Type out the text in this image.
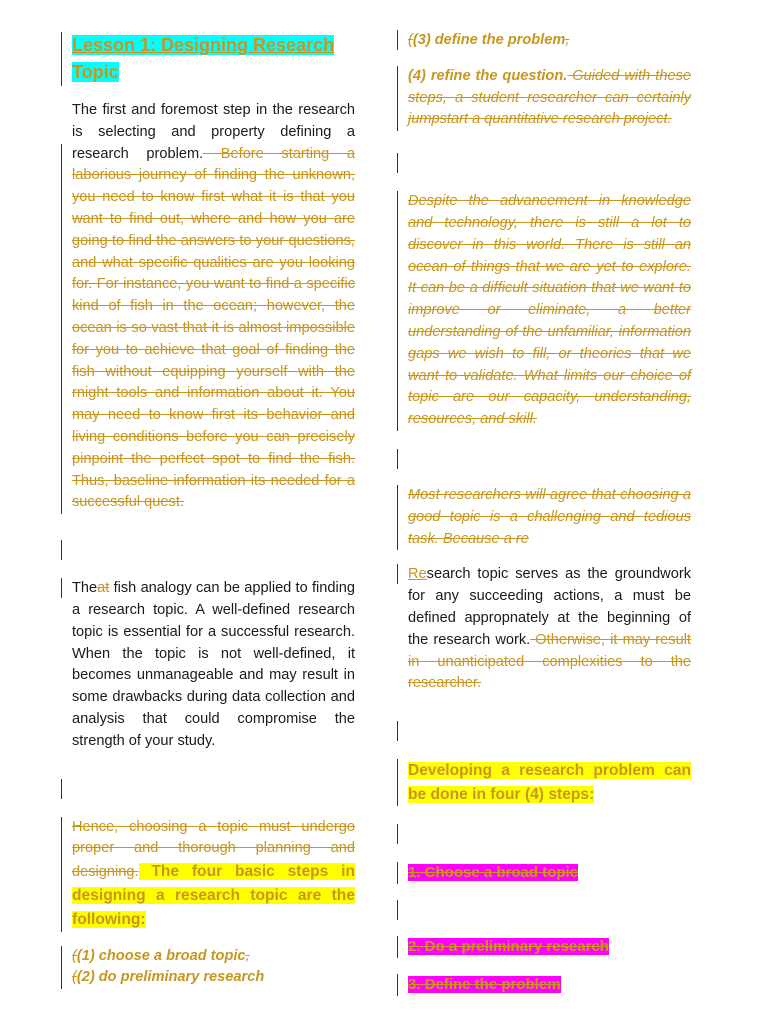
Lesson 1: Designing Research
Topic

The first and foremost step in the research is selecting and property defining a research problem. Before starting a laborious journey of finding the unknown, you need to know first what it is that you want to find out, where and how you are going to find the answers to your questions, and what specific qualities are you looking for. For instance, you want to find a specific kind of fish in the ocean; however, the ocean is so vast that it is almost impossible for you to achieve that goal of finding the fish without equipping yourself with the rnight tools and information about it. You may need to know first its behavior and living conditions before you can precisely pinpoint the perfect spot to find the fish. Thus, baseline information its needed for a successful quest.

Theat fish analogy can be applied to finding a research topic. A well-defined research topic is essential for a successful research. When the topic is not well-defined, it becomes unmanageable and may result in some drawbacks during data collection and analysis that could compromise the strength of your study.

Hence, choosing a topic must undergo proper and thorough planning and designing. The four basic steps in designing a research topic are the following:

((1) choose a broad topic,

((2) do preliminary research

((3) define the problem,

(4) refine the question. Guided with these steps, a student researcher can certainly jumpstart a quantitative research project.

Despite the advancement in knowledge and technology, there is still a lot to discover in this world. There is still an ocean of things that we are yet to explore. It can be a difficult situation that we want to improve or eliminate, a better understanding of the unfamiliar, information gaps we wish to fill, or theories that we want to validate. What limits our choice of topic are our capacity, understanding, resources, and skill.

Most researchers will agree that choosing a good topic is a challenging and tedious task. Because a re

Research topic serves as the groundwork for any succeeding actions, a must be defined appropnately at the beginning of the research work. Otherwise, it may result in unanticipated complexities to the researcher.

Developing a research problem can be done in four (4) steps:

1. Choose a broad topic

2. Do a preliminary research

3. Define the problem
